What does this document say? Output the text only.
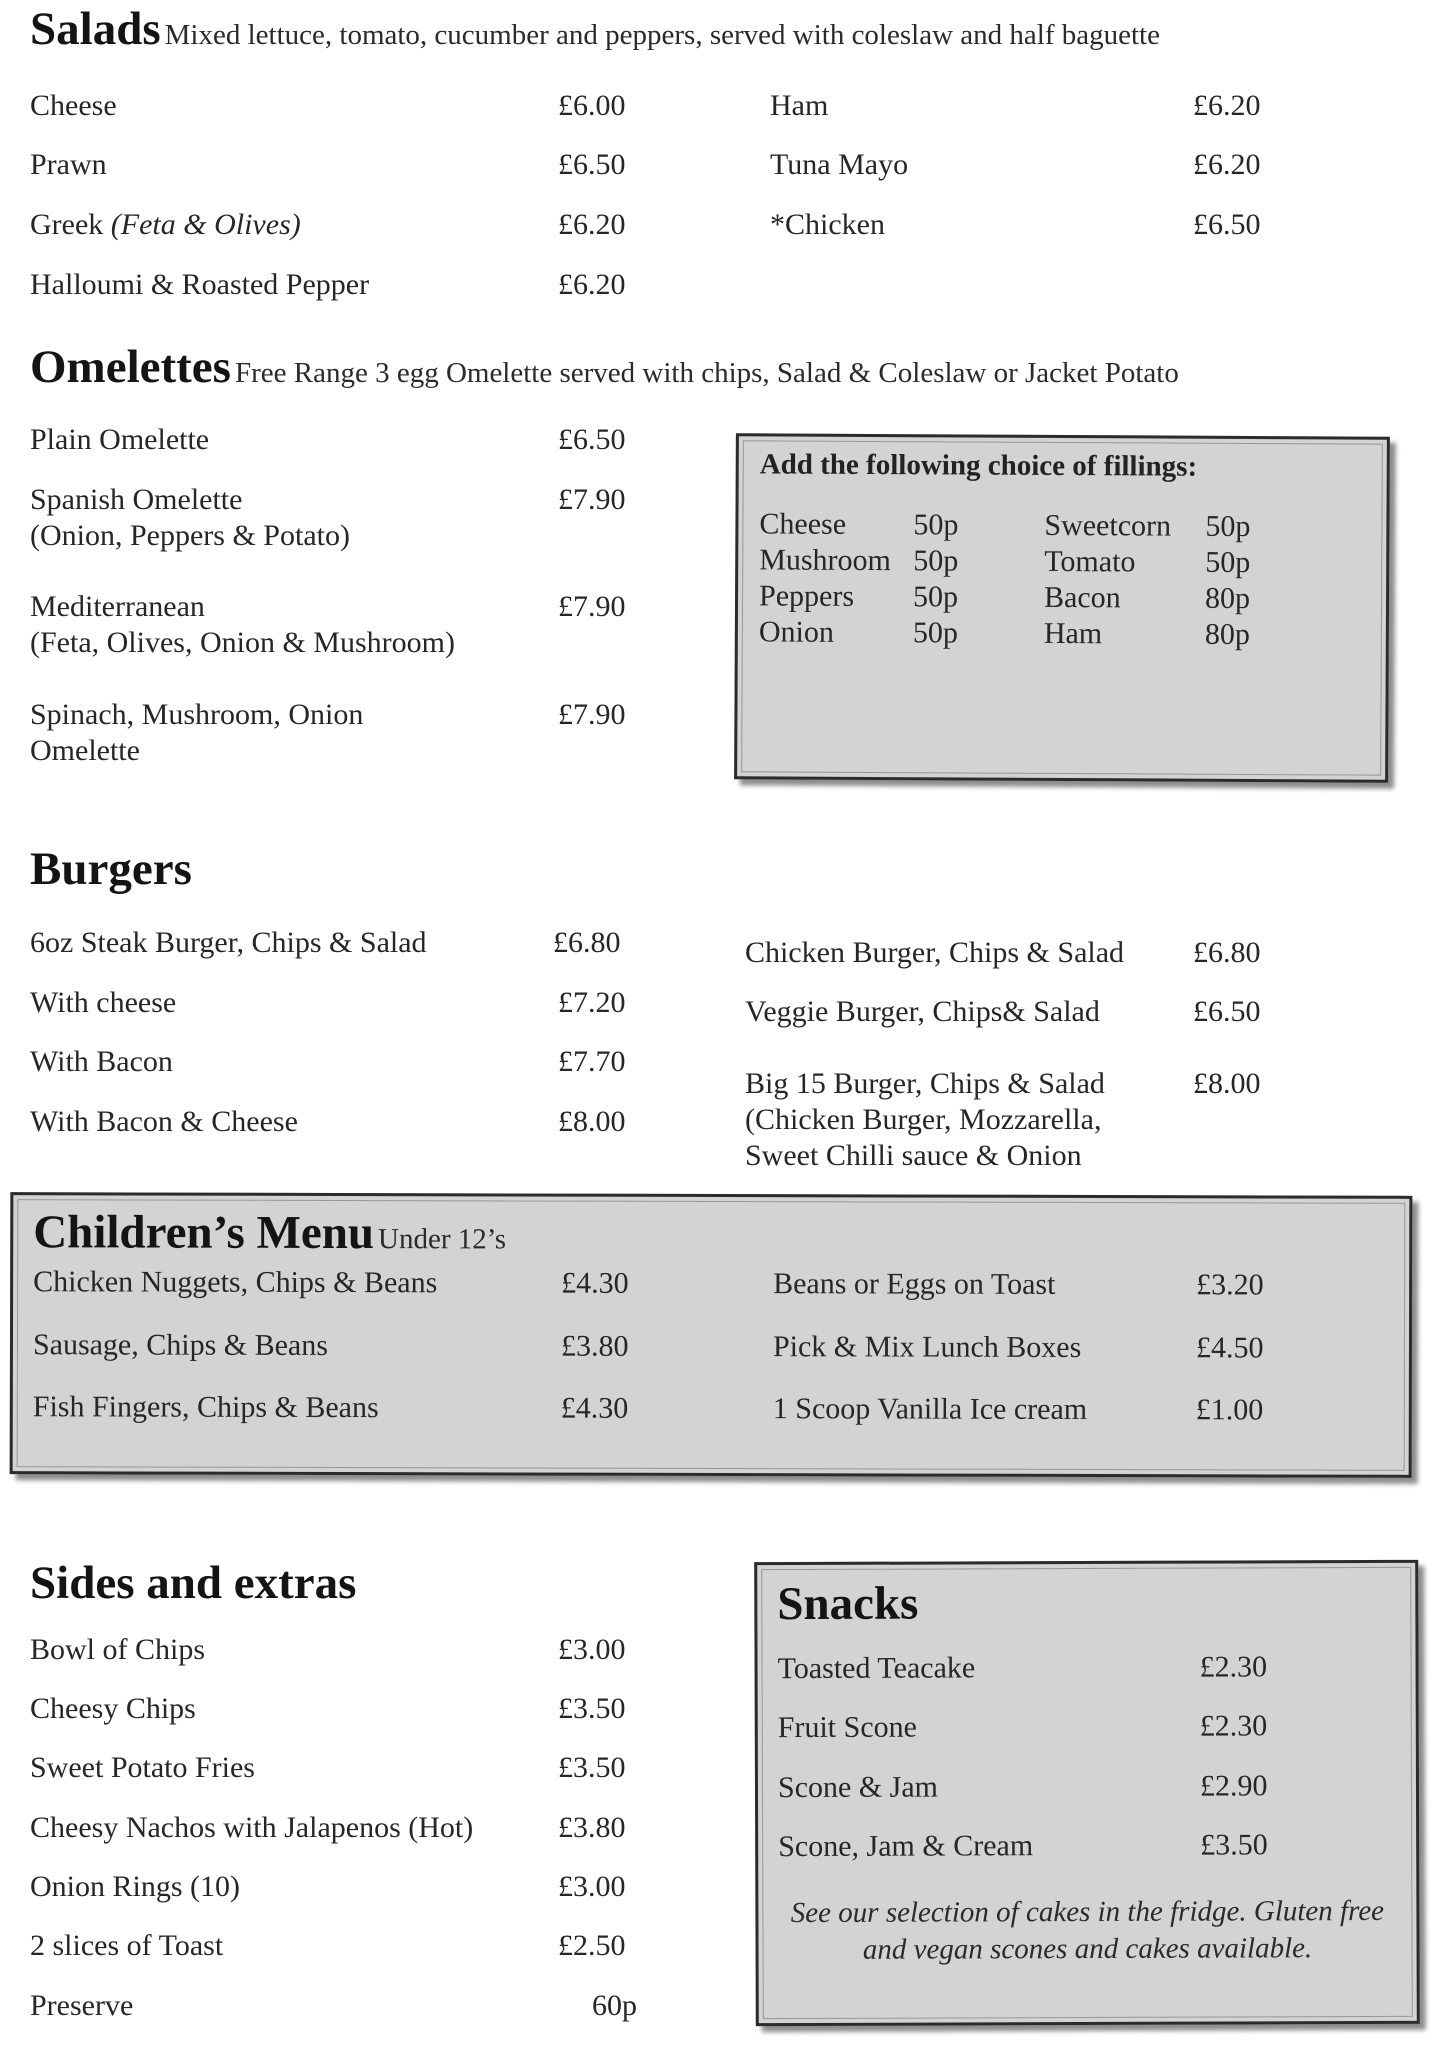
Salads Mixed lettuce, tomato, cucumber and peppers, served with coleslaw and half baguette
Cheese	£6.00
Prawn	£6.50
Greek (Feta & Olives)	£6.20
Halloumi & Roasted Pepper	£6.20
Ham	£6.20
Tuna Mayo	£6.20
*Chicken	£6.50
Omelettes Free Range 3 egg Omelette served with chips, Salad & Coleslaw or Jacket Potato
Plain Omelette	£6.50
Spanish Omelette
(Onion, Peppers & Potato)
£7.90
Mediterranean
(Feta, Olives, Onion & Mushroom)
£7.90
Spinach, Mushroom, Onion
Omelette
£7.90
Add the following choice of fillings:
Cheese 50p
Mushroom 50p
Peppers 50p
Onion	50p
Sweetcorn 50p
Tomato 50p
Bacon	80p
Ham	80p
Burgers
6oz Steak Burger, Chips & Salad	£6.80
With cheese	£7.20
With Bacon	£7.70
With Bacon & Cheese	£8.00
Chicken Burger, Chips & Salad £6.80
Veggie Burger, Chips& Salad	£6.50
Big 15 Burger, Chips & Salad
(Chicken Burger, Mozzarella,
Sweet Chilli sauce & Onion
£8.00
Children’s Menu Under 12’s
Chicken Nuggets, Chips & Beans	£4.30
Sausage, Chips & Beans	£3.80
Fish Fingers, Chips & Beans	£4.30
Beans or Eggs on Toast	£3.20
Pick & Mix Lunch Boxes	£4.50
1 Scoop Vanilla Ice cream	£1.00
Sides and extras
Bowl of Chips	£3.00
Cheesy Chips	£3.50
Sweet Potato Fries	£3.50
Cheesy Nachos with Jalapenos (Hot)	£3.80
Onion Rings (10)	£3.00
2 slices of Toast	£2.50
Preserve	60p
Snacks
Toasted Teacake	£2.30
Fruit Scone	£2.30
Scone & Jam	£2.90
Scone, Jam & Cream	£3.50
See our selection of cakes in the fridge. Gluten free and vegan scones and cakes available.
